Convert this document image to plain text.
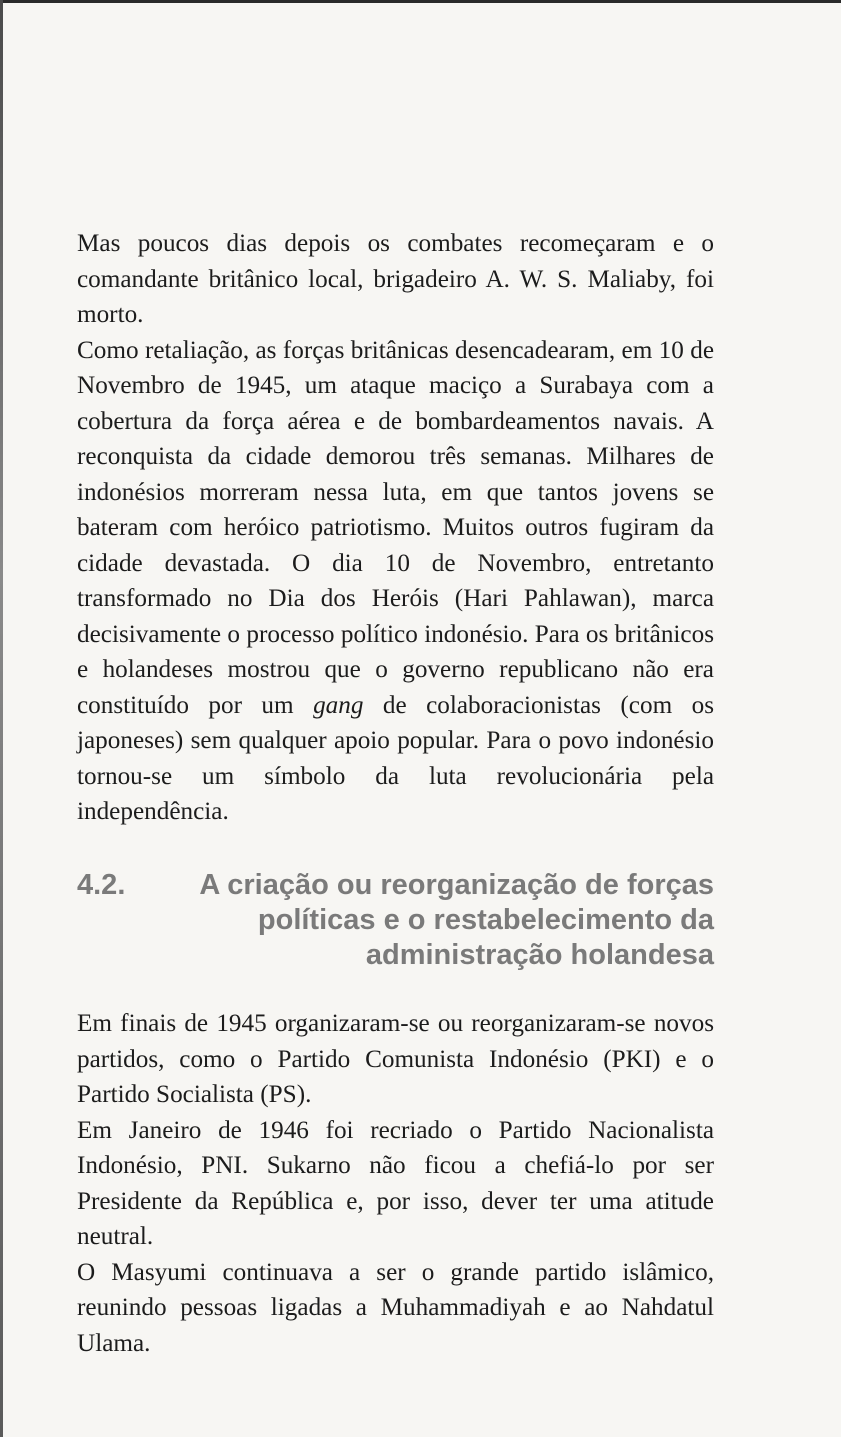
Mas poucos dias depois os combates recomeçaram e o comandante britânico local, brigadeiro A. W. S. Maliaby, foi morto.

Como retaliação, as forças britânicas desencadearam, em 10 de Novembro de 1945, um ataque maciço a Surabaya com a cobertura da força aérea e de bombardeamentos navais. A reconquista da cidade demorou três semanas. Milhares de indonésios morreram nessa luta, em que tantos jovens se bateram com heróico patriotismo. Muitos outros fugiram da cidade devastada. O dia 10 de Novembro, entretanto transformado no Dia dos Heróis (Hari Pahlawan), marca decisivamente o processo político indonésio. Para os britânicos e holandeses mostrou que o governo republicano não era constituído por um gang de colaboracionistas (com os japoneses) sem qualquer apoio popular. Para o povo indonésio tornou-se um símbolo da luta revolucionária pela independência.

4.2.	A criação ou reorganização de forças
políticas e o restabelecimento da
administração holandesa

Em finais de 1945 organizaram-se ou reorganizaram-se novos partidos, como o Partido Comunista Indonésio (PKI) e o Partido Socialista (PS).

Em Janeiro de 1946 foi recriado o Partido Nacionalista Indonésio, PNI. Sukarno não ficou a chefiá-lo por ser Presidente da República e, por isso, dever ter uma atitude neutral.

O Masyumi continuava a ser o grande partido islâmico, reunindo pessoas ligadas a Muhammadiyah e ao Nahdatul Ulama.
